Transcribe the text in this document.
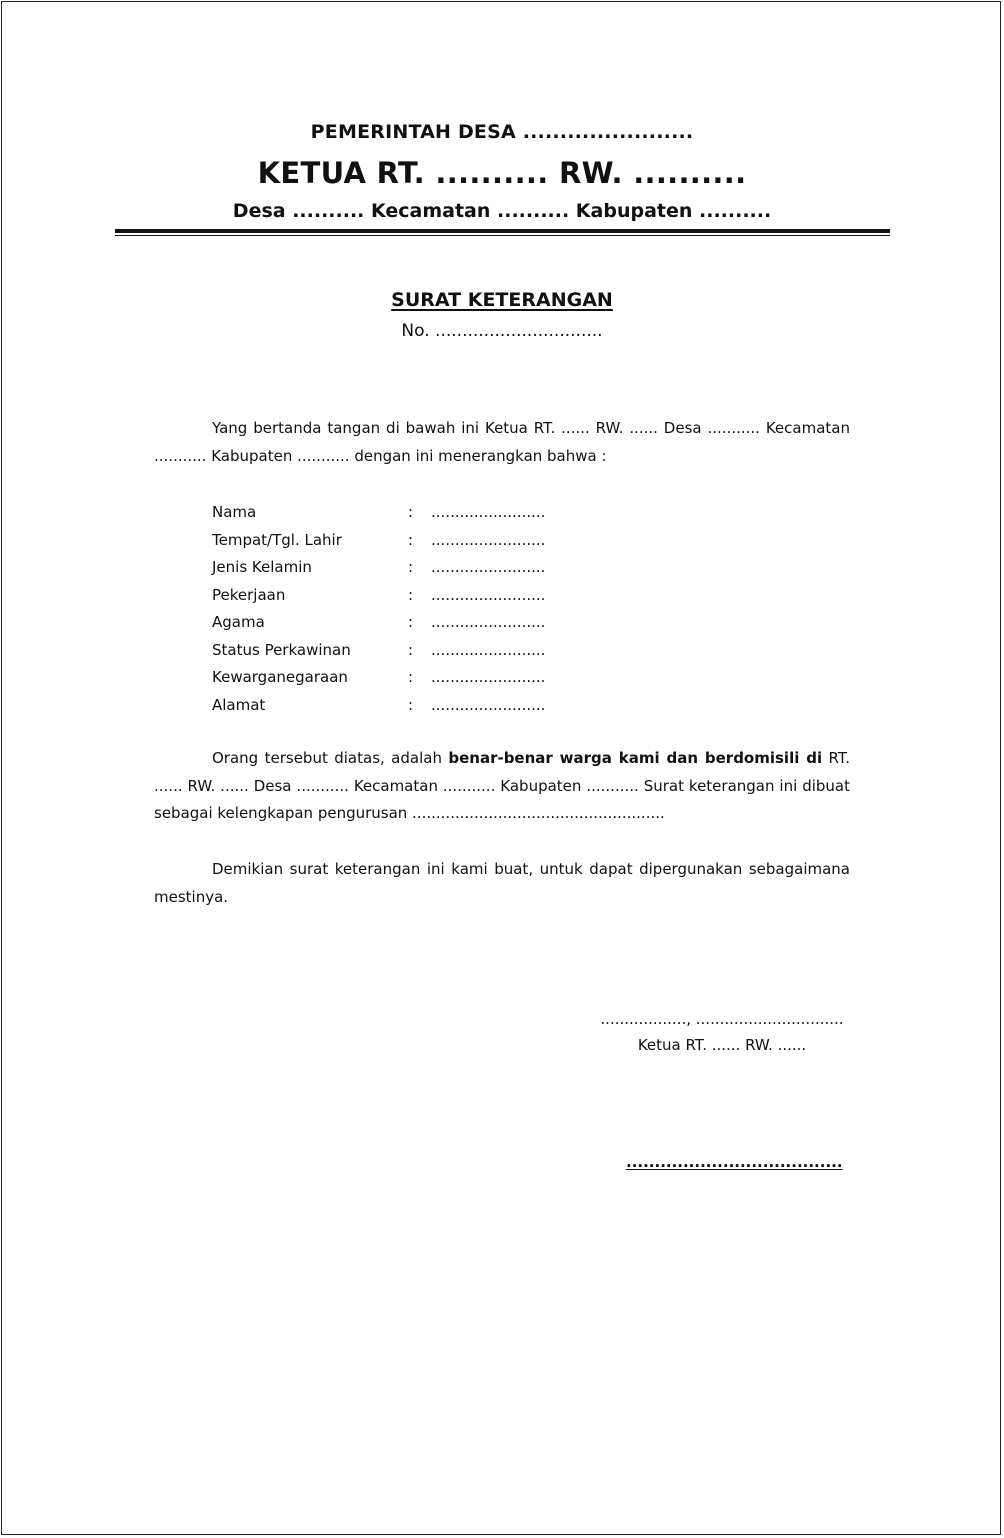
PEMERINTAH DESA .......................
KETUA RT. .......... RW. ..........
Desa .......... Kecamatan .......... Kabupaten ..........
SURAT KETERANGAN
No. ...............................
Yang bertanda tangan di bawah ini Ketua RT. ...... RW. ...... Desa ........... Kecamatan ........... Kabupaten ........... dengan ini menerangkan bahwa :
Nama	: ........................
Tempat/Tgl. Lahir	: ........................
Jenis Kelamin	: ........................
Pekerjaan	: ........................
Agama	: ........................
Status Perkawinan	: ........................
Kewarganegaraan	: ........................
Alamat	: ........................
Orang tersebut diatas, adalah benar-benar warga kami dan berdomisili di RT. ...... RW. ...... Desa ........... Kecamatan ........... Kabupaten ........... Surat keterangan ini dibuat sebagai kelengkapan pengurusan .....................................................
Demikian surat keterangan ini kami buat, untuk dapat dipergunakan sebagaimana mestinya.
.................., ...............................
Ketua RT. ...... RW. ......
......................................
